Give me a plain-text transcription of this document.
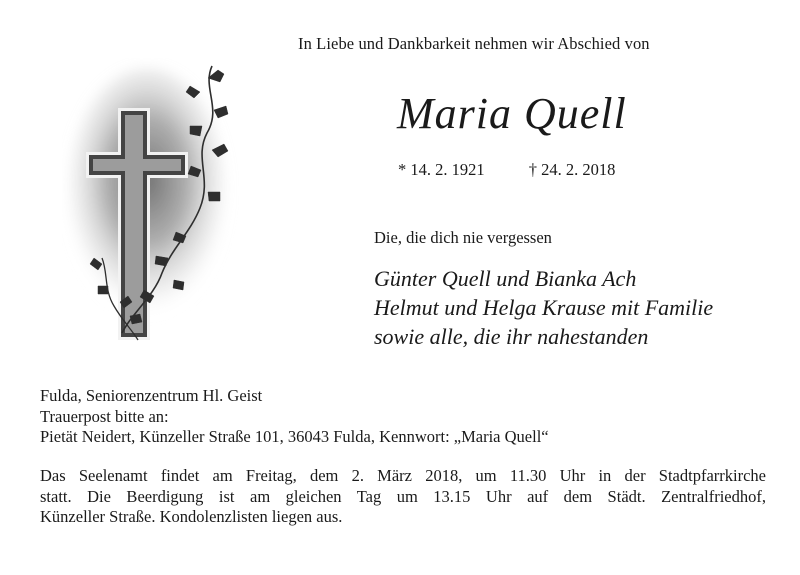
In Liebe und Dankbarkeit nehmen wir Abschied von
Maria Quell
* 14. 2. 1921	† 24. 2. 2018
Die, die dich nie vergessen
Günter Quell und Bianka Ach
Helmut und Helga Krause mit Familie
sowie alle, die ihr nahestanden
Fulda, Seniorenzentrum Hl. Geist
Trauerpost bitte an:
Pietät Neidert, Künzeller Straße 101, 36043 Fulda, Kennwort: „Maria Quell“
Das Seelenamt findet am Freitag, dem 2. März 2018, um 11.30 Uhr in der Stadtpfarrkirche
statt. Die Beerdigung ist am gleichen Tag um 13.15 Uhr auf dem Städt. Zentralfriedhof,
Künzeller Straße. Kondolenzlisten liegen aus.
